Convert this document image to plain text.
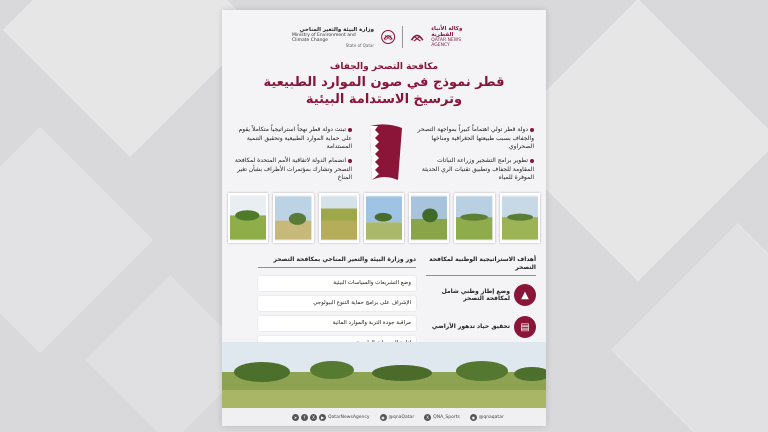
وزارة البيئة والتغير المناخي
Ministry of Environment and Climate Change
State of Qatar
وكالة الأنباء القطرية
QATAR NEWS AGENCY
مكافحة التصحر والجفاف
قطر نموذج في صون الموارد الطبيعية
وترسيخ الاستدامة البيئية
دولة قطر تولي اهتماماً كبيراً بمواجهة التصحر والجفاف بسبب طبيعتها الجغرافية ومناخها الصحراوي
تطوير برامج التشجير وزراعة النباتات المقاومة للجفاف وتطبيق تقنيات الري الحديثة الموفرة للمياه
تبنت دولة قطر نهجاً استراتيجياً متكاملاً يقوم على حماية الموارد الطبيعية وتحقيق التنمية المستدامة
انضمام الدولة لاتفاقية الأمم المتحدة لمكافحة التصحر وتشارك بمؤتمرات الأطراف بشأن تغير المناخ
أهداف الاستراتيجية الوطنية لمكافحة التصحر
▲
وضع إطار وطني شامل لمكافحة التصحر
▤
تحقيق حياد تدهور الأراضي
دور وزارة البيئة والتغير المناخي بمكافحة التصحر
وضع التشريعات والسياسات البيئية
الإشراف على برامج حماية التنوع البيولوجي
مراقبة جودة التربة والموارد المائية
➤	f	X	▶ QatarNewsAgency	◉ @qnaQatar	X QNA_Sports	◉ @qnaqatar
